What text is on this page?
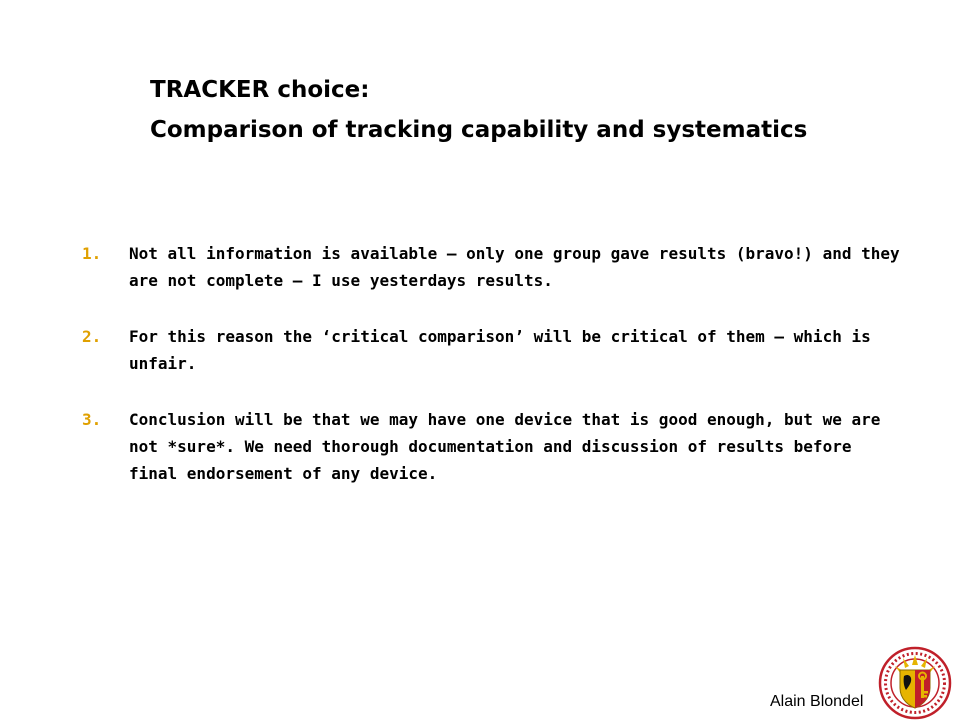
TRACKER choice:
Comparison of tracking capability and systematics
1.	Not all information is available – only one group gave results (bravo!) and they are not complete – I use yesterdays results.
2.	For this reason the ‘critical comparison’ will be critical of them – which is unfair.
3.	Conclusion will be that we may have one device that is good enough, but we are not *sure*. We need thorough documentation and discussion of results before final endorsement of any device.
Alain Blondel
